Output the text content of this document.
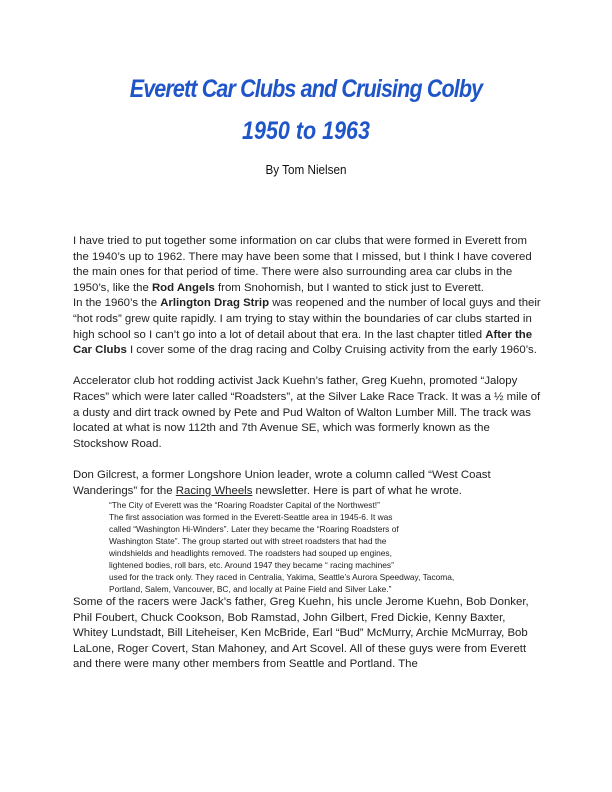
Everett Car Clubs and Cruising Colby
1950 to 1963

By Tom Nielsen

I have tried to put together some information on car clubs that were formed in Everett from the 1940’s up to 1962. There may have been some that I missed, but I think I have covered the main ones for that period of time. There were also surrounding area car clubs in the 1950’s, like the Rod Angels from Snohomish, but I wanted to stick just to Everett.

In the 1960’s the Arlington Drag Strip was reopened and the number of local guys and their “hot rods” grew quite rapidly. I am trying to stay within the boundaries of car clubs started in high school so I can’t go into a lot of detail about that era. In the last chapter titled After the Car Clubs I cover some of the drag racing and Colby Cruising activity from the early 1960’s.

Accelerator club hot rodding activist Jack Kuehn’s father, Greg Kuehn, promoted “Jalopy Races” which were later called “Roadsters”, at the Silver Lake Race Track. It was a ½ mile of a dusty and dirt track owned by Pete and Pud Walton of Walton Lumber Mill. The track was located at what is now 112th and 7th Avenue SE, which was formerly known as the Stockshow Road.

Don Gilcrest, a former Longshore Union leader, wrote a column called “West Coast Wanderings” for the Racing Wheels newsletter. Here is part of what he wrote.

“The City of Everett was the “Roaring Roadster Capital of the Northwest!”
The first association was formed in the Everett-Seattle area in 1945-6. It was
called “Washington Hi-Winders”. Later they became the “Roaring Roadsters of
Washington State”. The group started out with street roadsters that had the
windshields and headlights removed. The roadsters had souped up engines,
lightened bodies, roll bars, etc. Around 1947 they became “ racing machines”
used for the track only. They raced in Centralia, Yakima, Seattle’s Aurora Speedway, Tacoma,
Portland, Salem, Vancouver, BC, and locally at Paine Field and Silver Lake.”

Some of the racers were Jack’s father, Greg Kuehn, his uncle Jerome Kuehn, Bob Donker, Phil Foubert, Chuck Cookson, Bob Ramstad, John Gilbert, Fred Dickie, Kenny Baxter, Whitey Lundstadt, Bill Liteheiser, Ken McBride, Earl “Bud” McMurry, Archie McMurray, Bob LaLone, Roger Covert, Stan Mahoney, and Art Scovel. All of these guys were from Everett and there were many other members from Seattle and Portland. The
